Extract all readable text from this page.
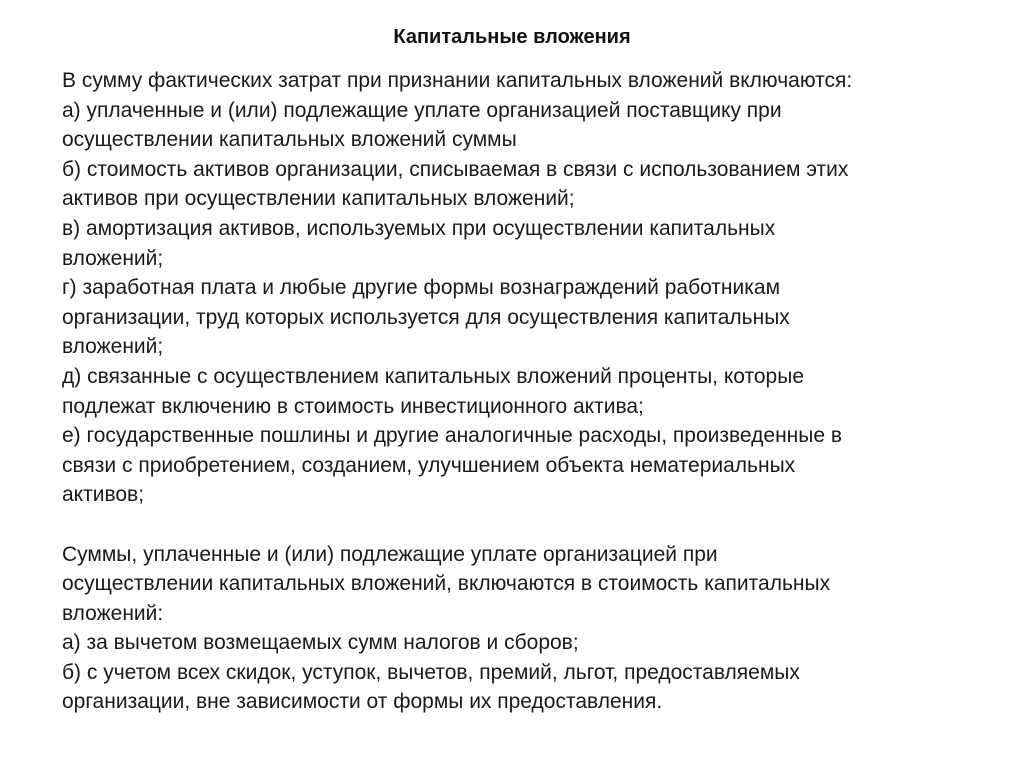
Капитальные вложения
В сумму фактических затрат при признании капитальных вложений включаются:
а) уплаченные и (или) подлежащие уплате организацией поставщику при
осуществлении капитальных вложений суммы
б) стоимость активов организации, списываемая в связи с использованием этих
активов при осуществлении капитальных вложений;
в) амортизация активов, используемых при осуществлении капитальных
вложений;
г) заработная плата и любые другие формы вознаграждений работникам
организации, труд которых используется для осуществления капитальных
вложений;
д) связанные с осуществлением капитальных вложений проценты, которые
подлежат включению в стоимость инвестиционного актива;
е) государственные пошлины и другие аналогичные расходы, произведенные в
связи с приобретением, созданием, улучшением объекта нематериальных
активов;
Суммы, уплаченные и (или) подлежащие уплате организацией при
осуществлении капитальных вложений, включаются в стоимость капитальных
вложений:
а) за вычетом возмещаемых сумм налогов и сборов;
б) с учетом всех скидок, уступок, вычетов, премий, льгот, предоставляемых
организации, вне зависимости от формы их предоставления.
